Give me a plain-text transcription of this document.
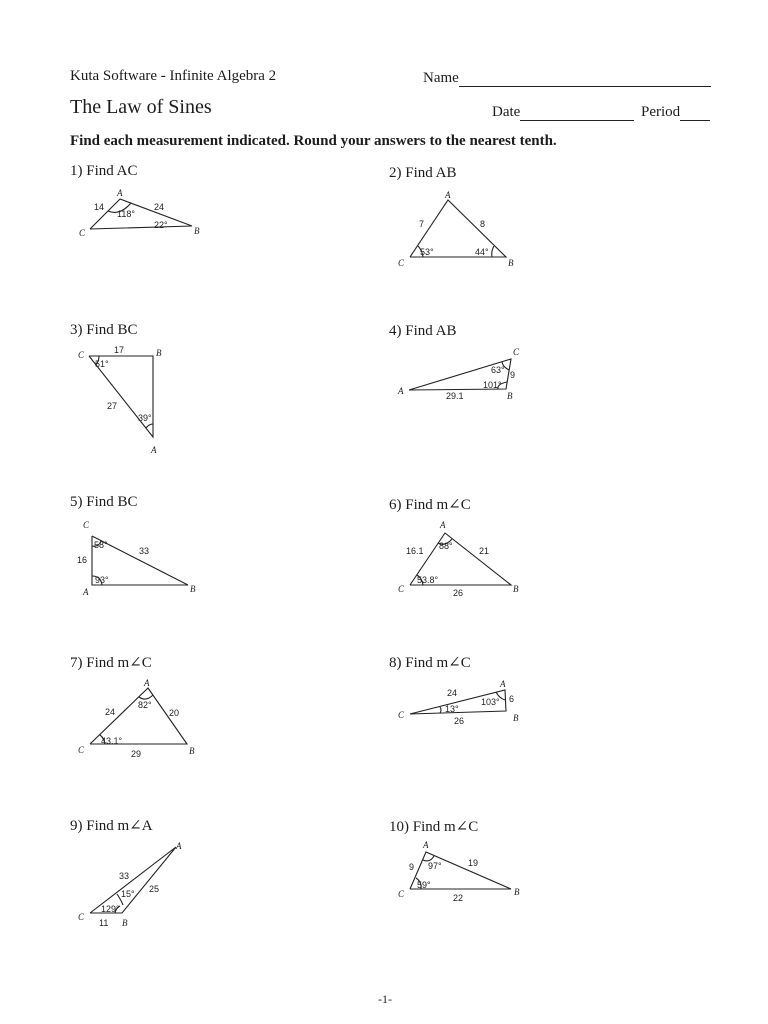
Kuta Software - Infinite Algebra 2
The Law of Sines
Name
Date	Period
Find each measurement indicated. Round your answers to the nearest tenth.
1) Find AC
A
B
C
14	24
118°
22°
2) Find AB
A
B
C
7	8
53°	44°
3) Find BC
C	B
A
17
51°
27
39°
4) Find AB
C
B
A
63° 9
101°
29.1
5) Find BC
C
A	B
58°
33
16
93°
6) Find m∠C
A
B
C
16.1 88°	21
53.8°
26
7) Find m∠C
A
B
C
24
82°
20
43.1°
29
8) Find m∠C
A
B
C
24
103° 6
13°
26
9) Find m∠A
A
B
C
33
15° 25
129°
11
10) Find m∠C
A
B
C
9 97°	19
59°
22
-1-
